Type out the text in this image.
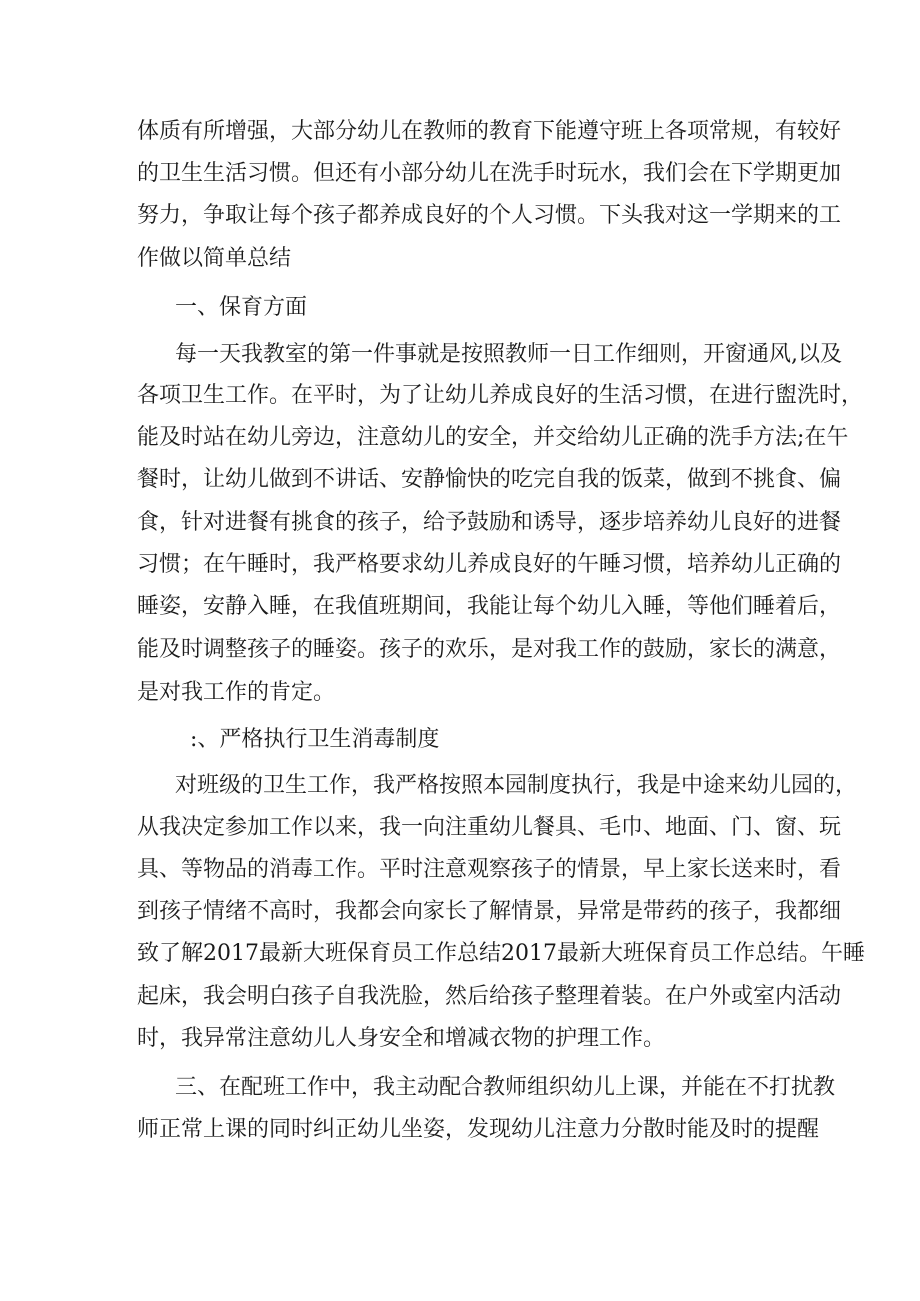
体质有所增强，大部分幼儿在教师的教育下能遵守班上各项常规，有较好
的卫生生活习惯。但还有小部分幼儿在洗手时玩水，我们会在下学期更加
努力，争取让每个孩子都养成良好的个人习惯。下头我对这一学期来的工
作做以简单总结
一、保育方面
每一天我教室的第一件事就是按照教师一日工作细则，开窗通风,以及
各项卫生工作。在平时，为了让幼儿养成良好的生活习惯，在进行盥洗时，
能及时站在幼儿旁边，注意幼儿的安全，并交给幼儿正确的洗手方法;在午
餐时，让幼儿做到不讲话、安静愉快的吃完自我的饭菜，做到不挑食、偏
食，针对进餐有挑食的孩子，给予鼓励和诱导，逐步培养幼儿良好的进餐
习惯；在午睡时，我严格要求幼儿养成良好的午睡习惯，培养幼儿正确的
睡姿，安静入睡，在我值班期间，我能让每个幼儿入睡，等他们睡着后，
能及时调整孩子的睡姿。孩子的欢乐，是对我工作的鼓励，家长的满意，
是对我工作的肯定。
:、严格执行卫生消毒制度
对班级的卫生工作，我严格按照本园制度执行，我是中途来幼儿园的，
从我决定参加工作以来，我一向注重幼儿餐具、毛巾、地面、门、窗、玩
具、等物品的消毒工作。平时注意观察孩子的情景，早上家长送来时，看
到孩子情绪不高时，我都会向家长了解情景，异常是带药的孩子，我都细
致了解2017最新大班保育员工作总结2017最新大班保育员工作总结。午睡
起床，我会明白孩子自我洗脸，然后给孩子整理着装。在户外或室内活动
时，我异常注意幼儿人身安全和增减衣物的护理工作。
三、在配班工作中，我主动配合教师组织幼儿上课，并能在不打扰教
师正常上课的同时纠正幼儿坐姿，发现幼儿注意力分散时能及时的提醒
